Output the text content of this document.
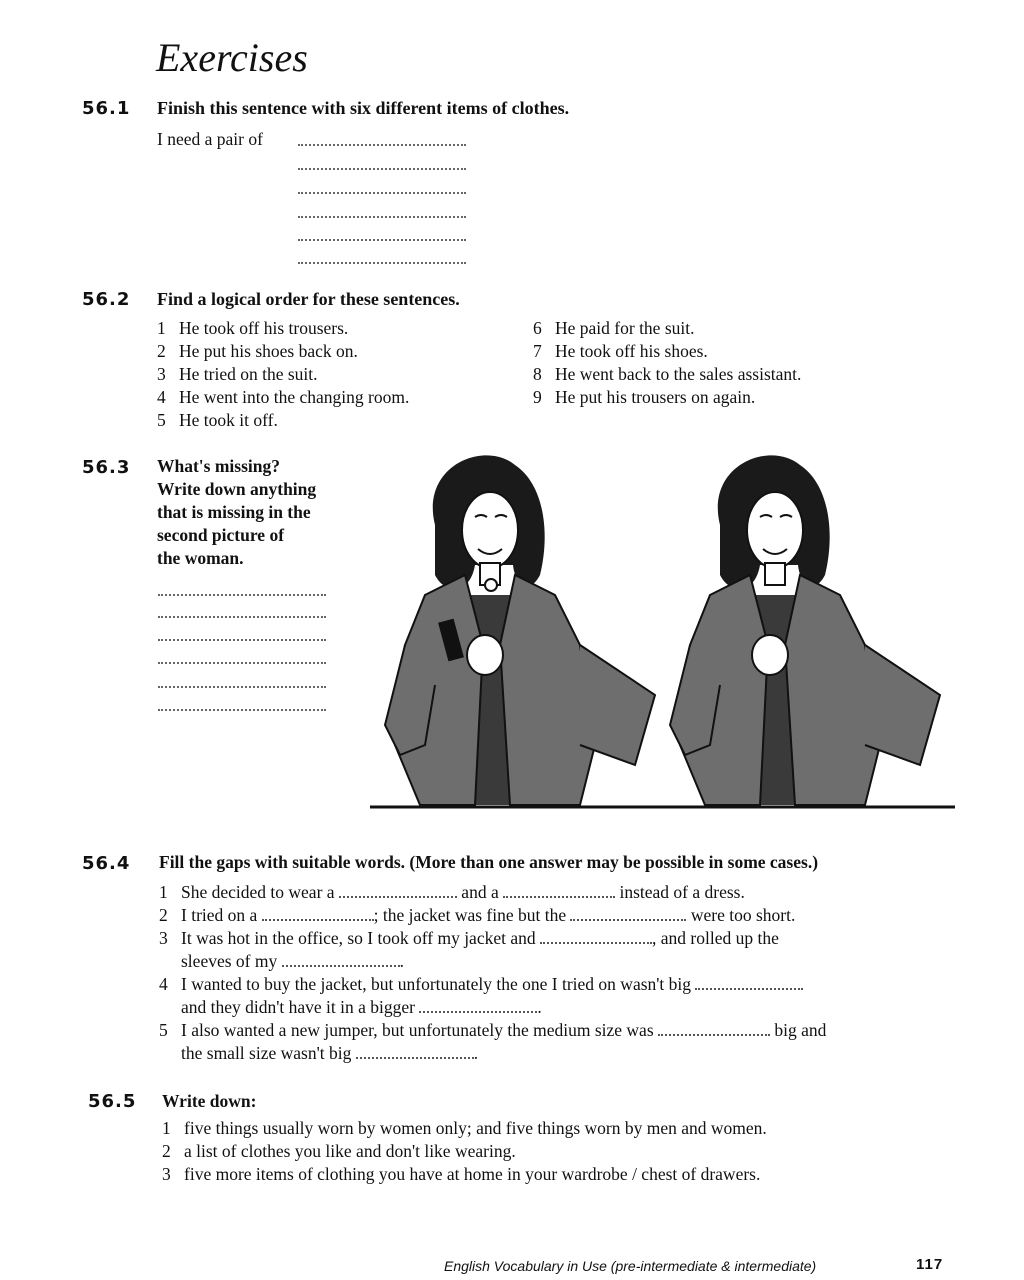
Exercises
56.1 Finish this sentence with six different items of clothes.
I need a pair of
56.2 Find a logical order for these sentences.
1 He took off his trousers.
2 He put his shoes back on.
3 He tried on the suit.
4 He went into the changing room.
5 He took it off.
6 He paid for the suit.
7 He took off his shoes.
8 He went back to the sales assistant.
9 He put his trousers on again.
56.3 What's missing?
Write down anything
that is missing in the
second picture of
the woman.
56.4 Fill the gaps with suitable words. (More than one answer may be possible in some cases.)
1 She decided to wear a	and a	instead of a dress.
2 I tried on a	; the jacket was fine but the	were too short.
3 It was hot in the office, so I took off my jacket and	, and rolled up the
sleeves of my	.
4 I wanted to buy the jacket, but unfortunately the one I tried on wasn't big
and they didn't have it in a bigger	.
5 I also wanted a new jumper, but unfortunately the medium size was	big and
the small size wasn't big	.
56.5 Write down:
1 five things usually worn by women only; and five things worn by men and women.
2 a list of clothes you like and don't like wearing.
3 five more items of clothing you have at home in your wardrobe / chest of drawers.
English Vocabulary in Use (pre-intermediate & intermediate)	117
